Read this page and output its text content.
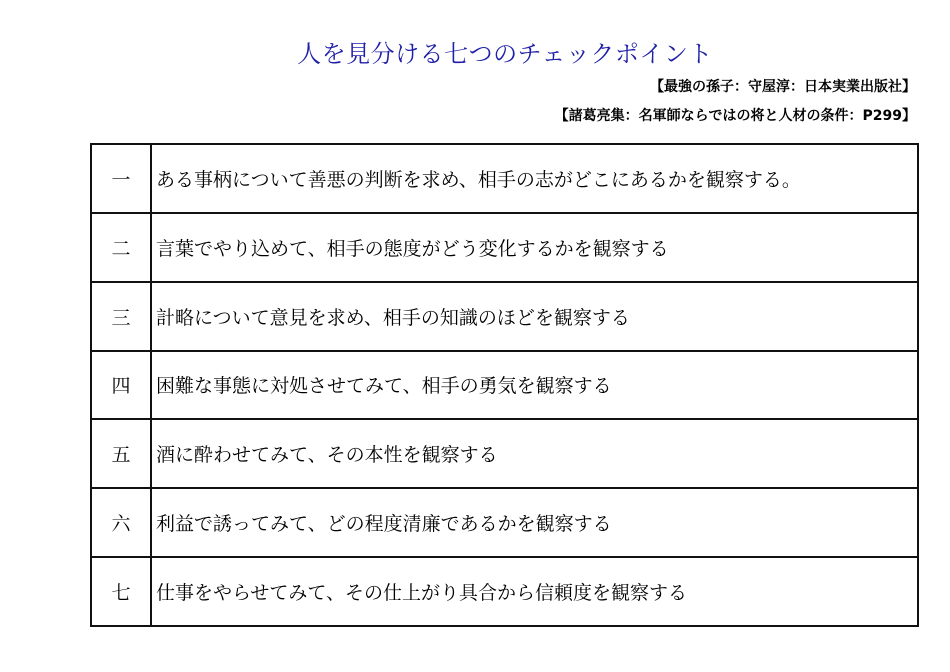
人を見分ける七つのチェックポイント
【最強の孫子：守屋淳：日本実業出版社】
【諸葛亮集：名軍師ならではの将と人材の条件：P299】
一	ある事柄について善悪の判断を求め、相手の志がどこにあるかを観察する。
二	言葉でやり込めて、相手の態度がどう変化するかを観察する
三	計略について意見を求め、相手の知識のほどを観察する
四	困難な事態に対処させてみて、相手の勇気を観察する
五	酒に酔わせてみて、その本性を観察する
六	利益で誘ってみて、どの程度清廉であるかを観察する
七	仕事をやらせてみて、その仕上がり具合から信頼度を観察する
